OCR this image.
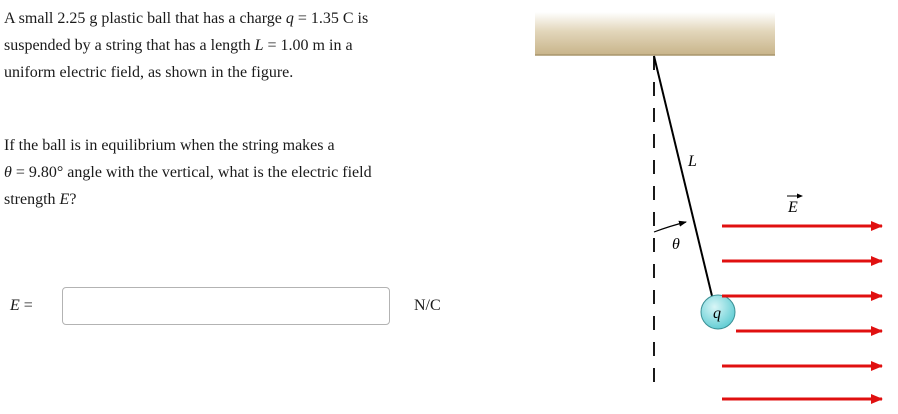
A small 2.25 g plastic ball that has a charge q = 1.35 C is
suspended by a string that has a length L = 1.00 m in a
uniform electric field, as shown in the figure.
If the ball is in equilibrium when the string makes a
θ = 9.80° angle with the vertical, what is the electric field
strength E?
E =	N/C
θ
L
q
E
